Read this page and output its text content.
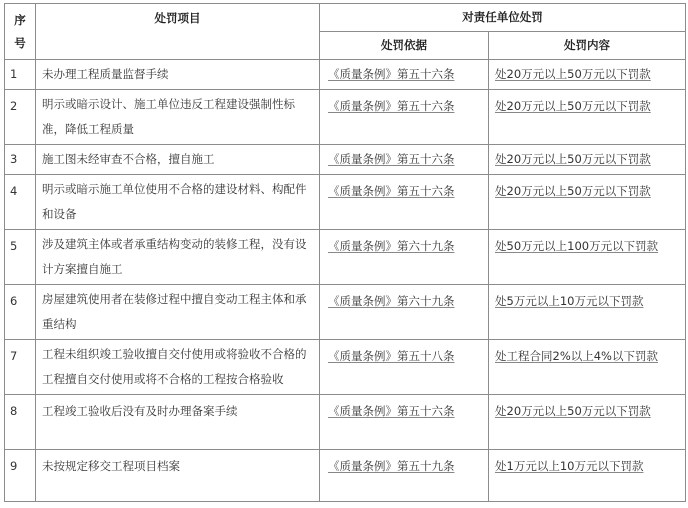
序
号	处罚项目	对责任单位处罚	
		处罚依据	处罚内容
1	未办理工程质量监督手续	《质量条例》第五十六条	处20万元以上50万元以下罚款
2	明示或暗示设计、施工单位违反工程建设强制性标准，降低工程质量	《质量条例》第五十六条	处20万元以上50万元以下罚款
3	施工图未经审查不合格，擅自施工	《质量条例》第五十六条	处20万元以上50万元以下罚款
4	明示或暗示施工单位使用不合格的建设材料、构配件和设备	《质量条例》第五十六条	处20万元以上50万元以下罚款
5	涉及建筑主体或者承重结构变动的装修工程，没有设计方案擅自施工	《质量条例》第六十九条	处50万元以上100万元以下罚款
6	房屋建筑使用者在装修过程中擅自变动工程主体和承重结构	《质量条例》第六十九条	处5万元以上10万元以下罚款
7	工程未组织竣工验收擅自交付使用或将验收不合格的工程擅自交付使用或将不合格的工程按合格验收	《质量条例》第五十八条	处工程合同2%以上4%以下罚款
8	工程竣工验收后没有及时办理备案手续	《质量条例》第五十六条	处20万元以上50万元以下罚款
9	未按规定移交工程项目档案	《质量条例》第五十九条	处1万元以上10万元以下罚款
